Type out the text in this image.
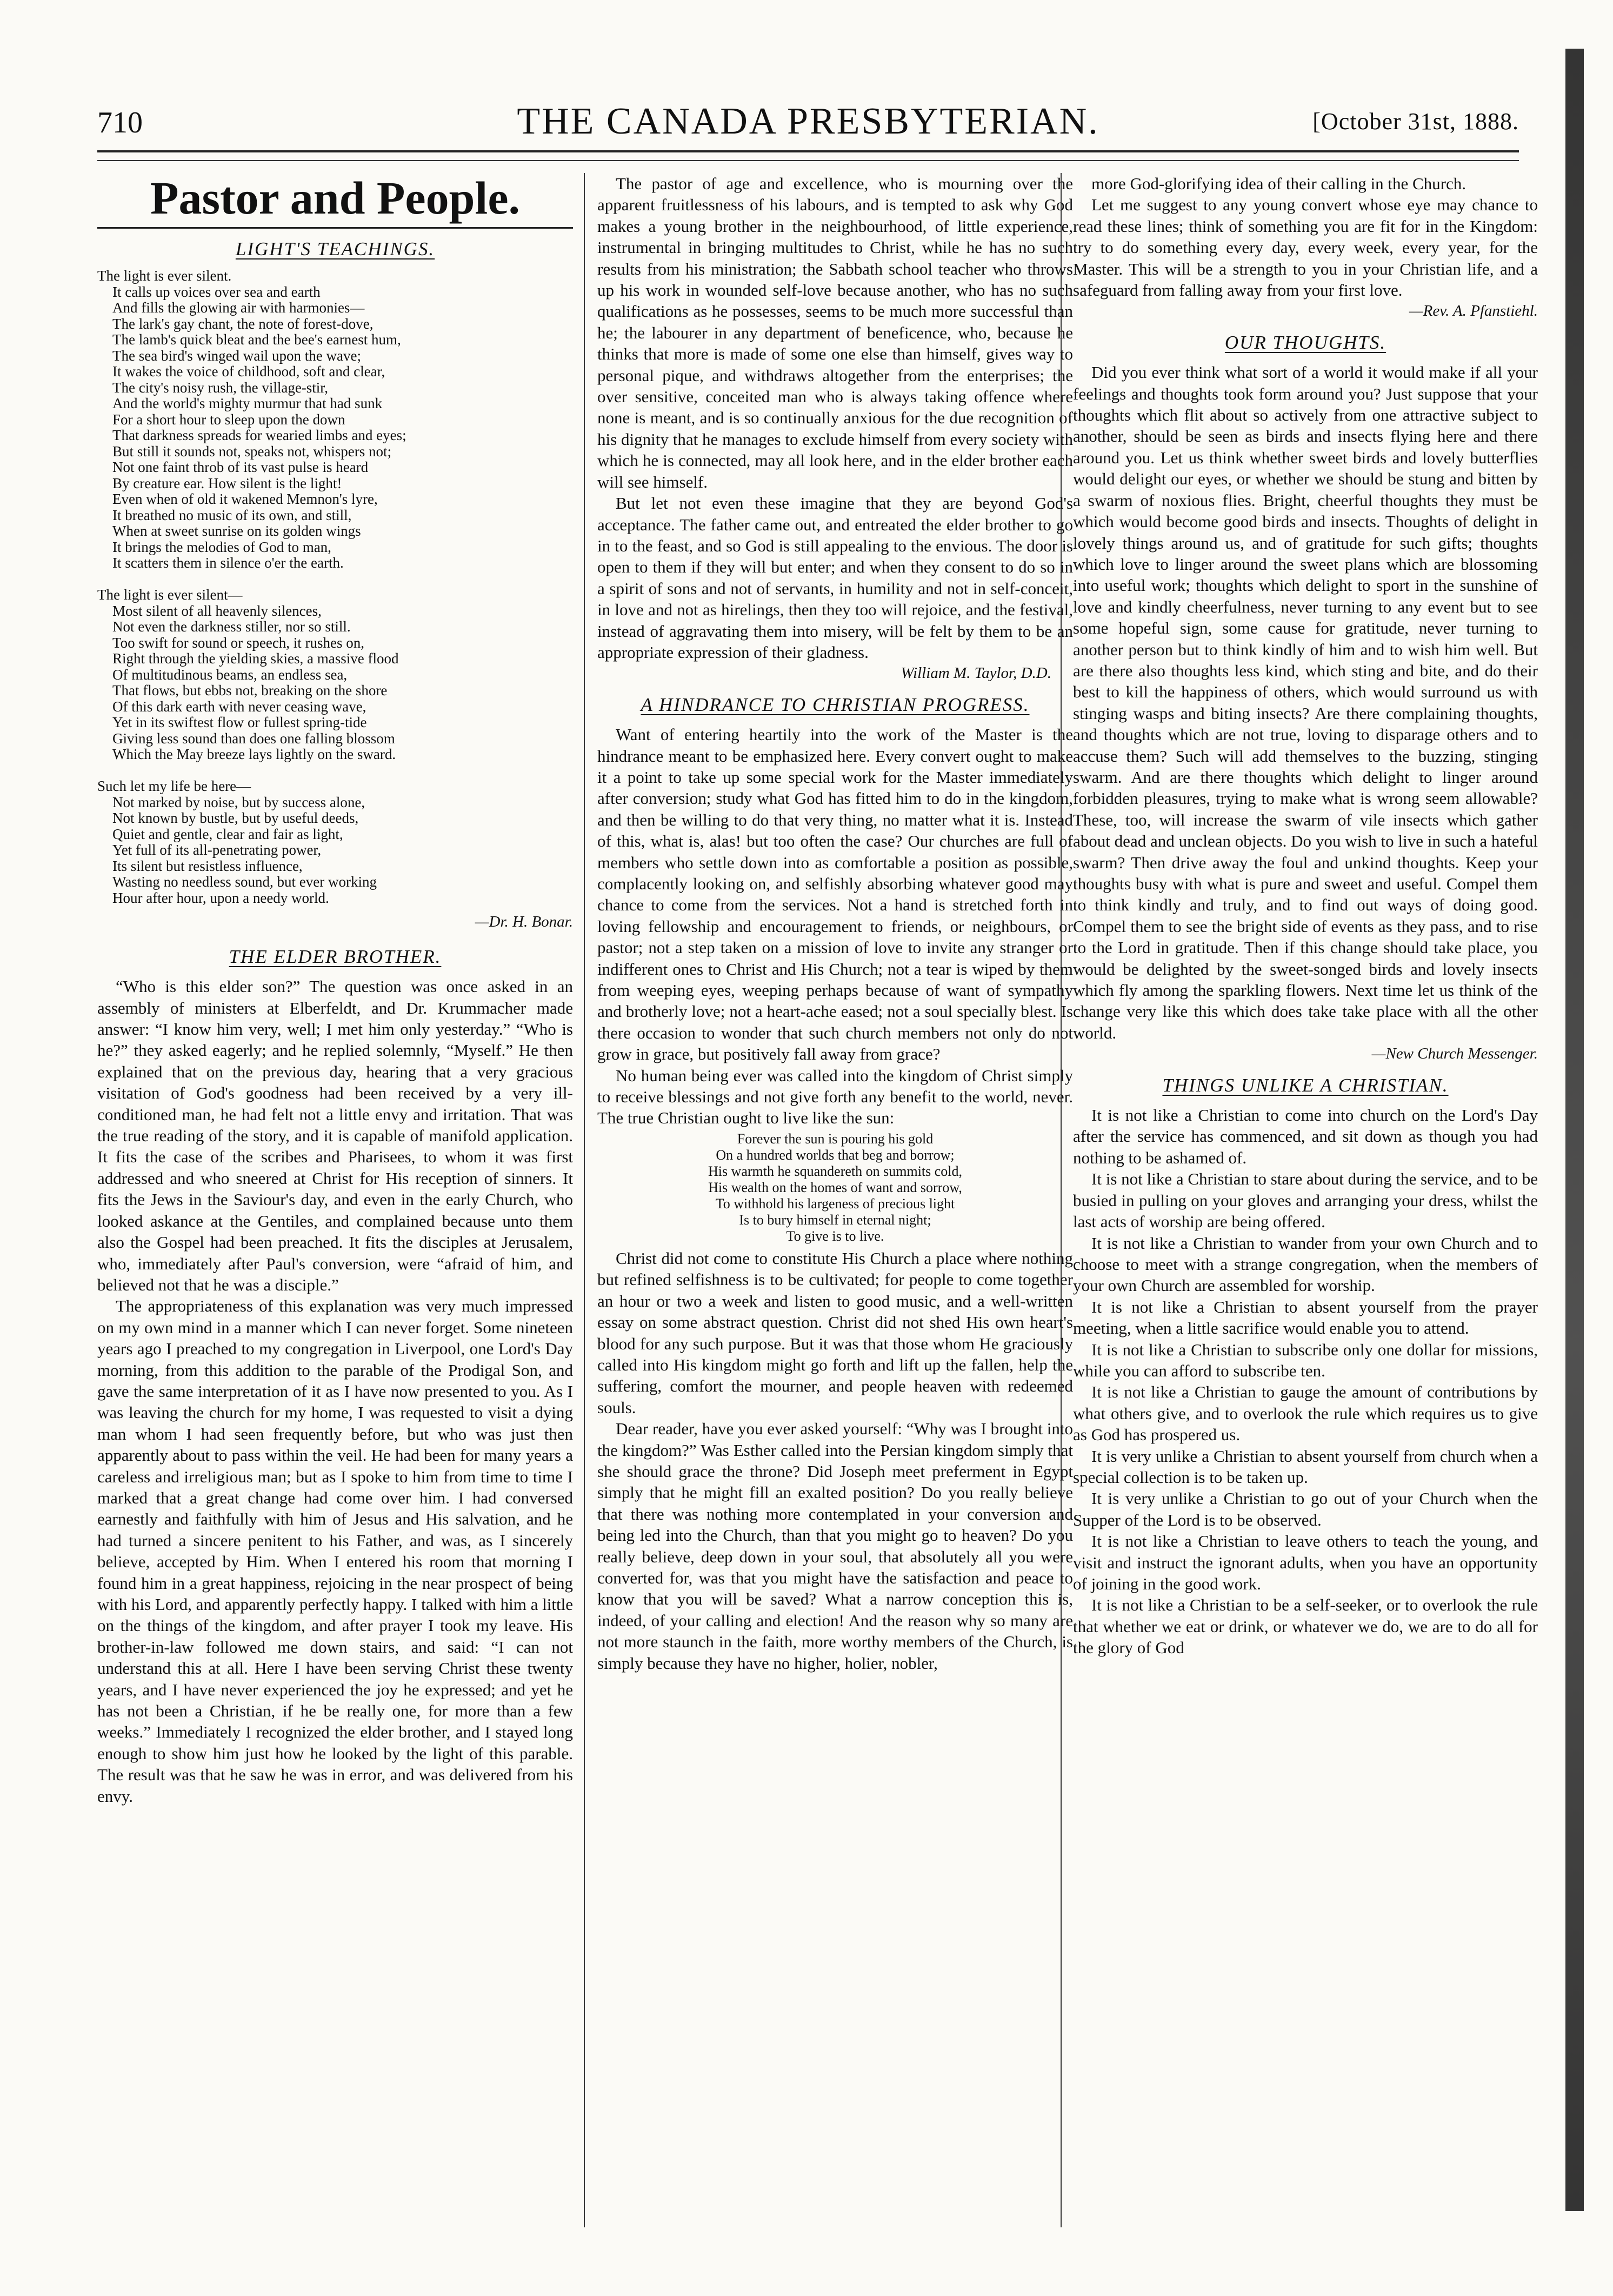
710	THE CANADA PRESBYTERIAN.	[October 31st, 1888.
Pastor and People.
LIGHT'S TEACHINGS.
The light is ever silent.
It calls up voices over sea and earth
And fills the glowing air with harmonies—
The lark's gay chant, the note of forest-dove,
The lamb's quick bleat and the bee's earnest hum,
The sea bird's winged wail upon the wave;
It wakes the voice of childhood, soft and clear,
The city's noisy rush, the village-stir,
And the world's mighty murmur that had sunk
For a short hour to sleep upon the down
That darkness spreads for wearied limbs and eyes;
But still it sounds not, speaks not, whispers not;
Not one faint throb of its vast pulse is heard
By creature ear. How silent is the light!
Even when of old it wakened Memnon's lyre,
It breathed no music of its own, and still,
When at sweet sunrise on its golden wings
It brings the melodies of God to man,
It scatters them in silence o'er the earth.

The light is ever silent—
Most silent of all heavenly silences,
Not even the darkness stiller, nor so still.
Too swift for sound or speech, it rushes on,
Right through the yielding skies, a massive flood
Of multitudinous beams, an endless sea,
That flows, but ebbs not, breaking on the shore
Of this dark earth with never ceasing wave,
Yet in its swiftest flow or fullest spring-tide
Giving less sound than does one falling blossom
Which the May breeze lays lightly on the sward.

Such let my life be here—
Not marked by noise, but by success alone,
Not known by bustle, but by useful deeds,
Quiet and gentle, clear and fair as light,
Yet full of its all-penetrating power,
Its silent but resistless influence,
Wasting no needless sound, but ever working
Hour after hour, upon a needy world.
—Dr. H. Bonar.
THE ELDER BROTHER.
“Who is this elder son?” The question was once asked in an assembly of ministers at Elberfeldt, and Dr. Krummacher made answer: “I know him very, well; I met him only yesterday.” “Who is he?” they asked eagerly; and he replied solemnly, “Myself.” He then explained that on the previous day, hearing that a very gracious visitation of God's goodness had been received by a very ill-conditioned man, he had felt not a little envy and irritation. That was the true reading of the story, and it is capable of manifold application. It fits the case of the scribes and Pharisees, to whom it was first addressed and who sneered at Christ for His reception of sinners. It fits the Jews in the Saviour's day, and even in the early Church, who looked askance at the Gentiles, and complained because unto them also the Gospel had been preached. It fits the disciples at Jerusalem, who, immediately after Paul's conversion, were “afraid of him, and believed not that he was a disciple.”
The appropriateness of this explanation was very much impressed on my own mind in a manner which I can never forget. Some nineteen years ago I preached to my congregation in Liverpool, one Lord's Day morning, from this addition to the parable of the Prodigal Son, and gave the same interpretation of it as I have now presented to you. As I was leaving the church for my home, I was requested to visit a dying man whom I had seen frequently before, but who was just then apparently about to pass within the veil. He had been for many years a careless and irreligious man; but as I spoke to him from time to time I marked that a great change had come over him. I had conversed earnestly and faithfully with him of Jesus and His salvation, and he had turned a sincere penitent to his Father, and was, as I sincerely believe, accepted by Him. When I entered his room that morning I found him in a great happiness, rejoicing in the near prospect of being with his Lord, and apparently perfectly happy. I talked with him a little on the things of the kingdom, and after prayer I took my leave. His brother-in-law followed me down stairs, and said: “I can not understand this at all. Here I have been serving Christ these twenty years, and I have never experienced the joy he expressed; and yet he has not been a Christian, if he be really one, for more than a few weeks.” Immediately I recognized the elder brother, and I stayed long enough to show him just how he looked by the light of this parable. The result was that he saw he was in error, and was delivered from his envy.
The pastor of age and excellence, who is mourning over the apparent fruitlessness of his labours, and is tempted to ask why God makes a young brother in the neighbourhood, of little experience, instrumental in bringing multitudes to Christ, while he has no such results from his ministration; the Sabbath school teacher who throws up his work in wounded self-love because another, who has no such qualifications as he possesses, seems to be much more successful than he; the labourer in any department of beneficence, who, because he thinks that more is made of some one else than himself, gives way to personal pique, and withdraws altogether from the enterprises; the over sensitive, conceited man who is always taking offence where none is meant, and is so continually anxious for the due recognition of his dignity that he manages to exclude himself from every society with which he is connected, may all look here, and in the elder brother each will see himself.
But let not even these imagine that they are beyond God's acceptance. The father came out, and entreated the elder brother to go in to the feast, and so God is still appealing to the envious. The door is open to them if they will but enter; and when they consent to do so in a spirit of sons and not of servants, in humility and not in self-conceit, in love and not as hirelings, then they too will rejoice, and the festival, instead of aggravating them into misery, will be felt by them to be an appropriate expression of their gladness.
William M. Taylor, D.D.
A HINDRANCE TO CHRISTIAN PROGRESS.
Want of entering heartily into the work of the Master is the hindrance meant to be emphasized here. Every convert ought to make it a point to take up some special work for the Master immediately after conversion; study what God has fitted him to do in the kingdom, and then be willing to do that very thing, no matter what it is. Instead of this, what is, alas! but too often the case? Our churches are full of members who settle down into as comfortable a position as possible, complacently looking on, and selfishly absorbing whatever good may chance to come from the services. Not a hand is stretched forth in loving fellowship and encouragement to friends, or neighbours, or pastor; not a step taken on a mission of love to invite any stranger or indifferent ones to Christ and His Church; not a tear is wiped by them from weeping eyes, weeping perhaps because of want of sympathy and brotherly love; not a heart-ache eased; not a soul specially blest. Is there occasion to wonder that such church members not only do not grow in grace, but positively fall away from grace?
No human being ever was called into the kingdom of Christ simply to receive blessings and not give forth any benefit to the world, never. The true Christian ought to live like the sun:
Forever the sun is pouring his gold
On a hundred worlds that beg and borrow;
His warmth he squandereth on summits cold,
His wealth on the homes of want and sorrow,
To withhold his largeness of precious light
Is to bury himself in eternal night;
To give is to live.
Christ did not come to constitute His Church a place where nothing but refined selfishness is to be cultivated; for people to come together an hour or two a week and listen to good music, and a well-written essay on some abstract question. Christ did not shed His own heart's blood for any such purpose. But it was that those whom He graciously called into His kingdom might go forth and lift up the fallen, help the suffering, comfort the mourner, and people heaven with redeemed souls.
Dear reader, have you ever asked yourself: “Why was I brought into the kingdom?” Was Esther called into the Persian kingdom simply that she should grace the throne? Did Joseph meet preferment in Egypt simply that he might fill an exalted position? Do you really believe that there was nothing more contemplated in your conversion and being led into the Church, than that you might go to heaven? Do you really believe, deep down in your soul, that absolutely all you were converted for, was that you might have the satisfaction and peace to know that you will be saved? What a narrow conception this is, indeed, of your calling and election! And the reason why so many are not more staunch in the faith, more worthy members of the Church, is simply because they have no higher, holier, nobler,
more God-glorifying idea of their calling in the Church.
Let me suggest to any young convert whose eye may chance to read these lines; think of something you are fit for in the Kingdom: try to do something every day, every week, every year, for the Master. This will be a strength to you in your Christian life, and a safeguard from falling away from your first love.
—Rev. A. Pfanstiehl.
OUR THOUGHTS.
Did you ever think what sort of a world it would make if all your feelings and thoughts took form around you? Just suppose that your thoughts which flit about so actively from one attractive subject to another, should be seen as birds and insects flying here and there around you. Let us think whether sweet birds and lovely butterflies would delight our eyes, or whether we should be stung and bitten by a swarm of noxious flies. Bright, cheerful thoughts they must be which would become good birds and insects. Thoughts of delight in lovely things around us, and of gratitude for such gifts; thoughts which love to linger around the sweet plans which are blossoming into useful work; thoughts which delight to sport in the sunshine of love and kindly cheerfulness, never turning to any event but to see some hopeful sign, some cause for gratitude, never turning to another person but to think kindly of him and to wish him well. But are there also thoughts less kind, which sting and bite, and do their best to kill the happiness of others, which would surround us with stinging wasps and biting insects? Are there complaining thoughts, and thoughts which are not true, loving to disparage others and to accuse them? Such will add themselves to the buzzing, stinging swarm. And are there thoughts which delight to linger around forbidden pleasures, trying to make what is wrong seem allowable? These, too, will increase the swarm of vile insects which gather about dead and unclean objects. Do you wish to live in such a hateful swarm? Then drive away the foul and unkind thoughts. Keep your thoughts busy with what is pure and sweet and useful. Compel them to think kindly and truly, and to find out ways of doing good. Compel them to see the bright side of events as they pass, and to rise to the Lord in gratitude. Then if this change should take place, you would be delighted by the sweet-songed birds and lovely insects which fly among the sparkling flowers. Next time let us think of the change very like this which does take take place with all the other world.
—New Church Messenger.
THINGS UNLIKE A CHRISTIAN.
It is not like a Christian to come into church on the Lord's Day after the service has commenced, and sit down as though you had nothing to be ashamed of.
It is not like a Christian to stare about during the service, and to be busied in pulling on your gloves and arranging your dress, whilst the last acts of worship are being offered.
It is not like a Christian to wander from your own Church and to choose to meet with a strange congregation, when the members of your own Church are assembled for worship.
It is not like a Christian to absent yourself from the prayer meeting, when a little sacrifice would enable you to attend.
It is not like a Christian to subscribe only one dollar for missions, while you can afford to subscribe ten.
It is not like a Christian to gauge the amount of contributions by what others give, and to overlook the rule which requires us to give as God has prospered us.
It is very unlike a Christian to absent yourself from church when a special collection is to be taken up.
It is very unlike a Christian to go out of your Church when the Supper of the Lord is to be observed.
It is not like a Christian to leave others to teach the young, and visit and instruct the ignorant adults, when you have an opportunity of joining in the good work.
It is not like a Christian to be a self-seeker, or to overlook the rule that whether we eat or drink, or whatever we do, we are to do all for the glory of God
